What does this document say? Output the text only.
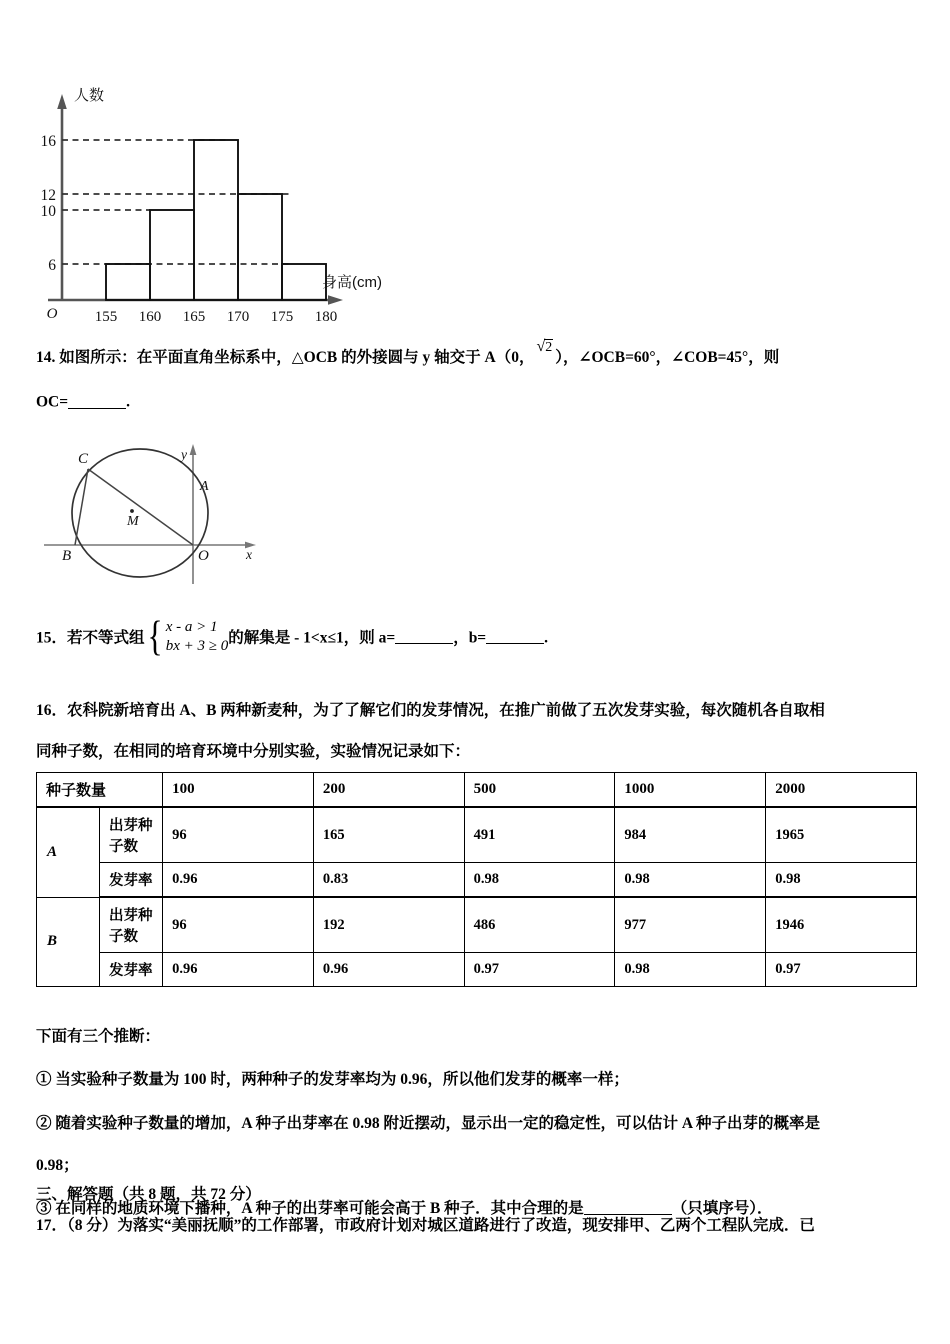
16
12
10
6
155 160 165 170 175 180
O
人数
身高(cm)
14. 如图所示：在平面直角坐标系中，△OCB 的外接圆与 y 轴交于 A（0，√2），∠OCB=60°，∠COB=45°，则
OC=	.
C
A
B	O
M
x
y
15．若不等式组 { x - a > 1
bx + 3 ≥ 0 的解集是 - 1<x≤1，则 a=	，b=	.
16．农科院新培育出 A、B 两种新麦种，为了了解它们的发芽情况，在推广前做了五次发芽实验，每次随机各自取相
同种子数，在相同的培育环境中分别实验，实验情况记录如下：
种子数量		100	200	500	1000	2000
A	出芽种子数	96	165	491	984	1965
	发芽率	0.96	0.83	0.98	0.98	0.98
B	出芽种子数	96	192	486	977	1946
	发芽率	0.96	0.96	0.97	0.98	0.97

下面有三个推断：

① 当实验种子数量为 100 时，两种种子的发芽率均为 0.96，所以他们发芽的概率一样；

② 随着实验种子数量的增加，A 种子出芽率在 0.98 附近摆动，显示出一定的稳定性，可以估计 A 种子出芽的概率是

0.98；

③ 在同样的地质环境下播种，A 种子的出芽率可能会高于 B 种子．其中合理的是	（只填序号）．

三、解答题（共 8 题，共 72 分）

17．（8 分）为落实“美丽抚顺”的工作部署，市政府计划对城区道路进行了改造，现安排甲、乙两个工程队完成．已
